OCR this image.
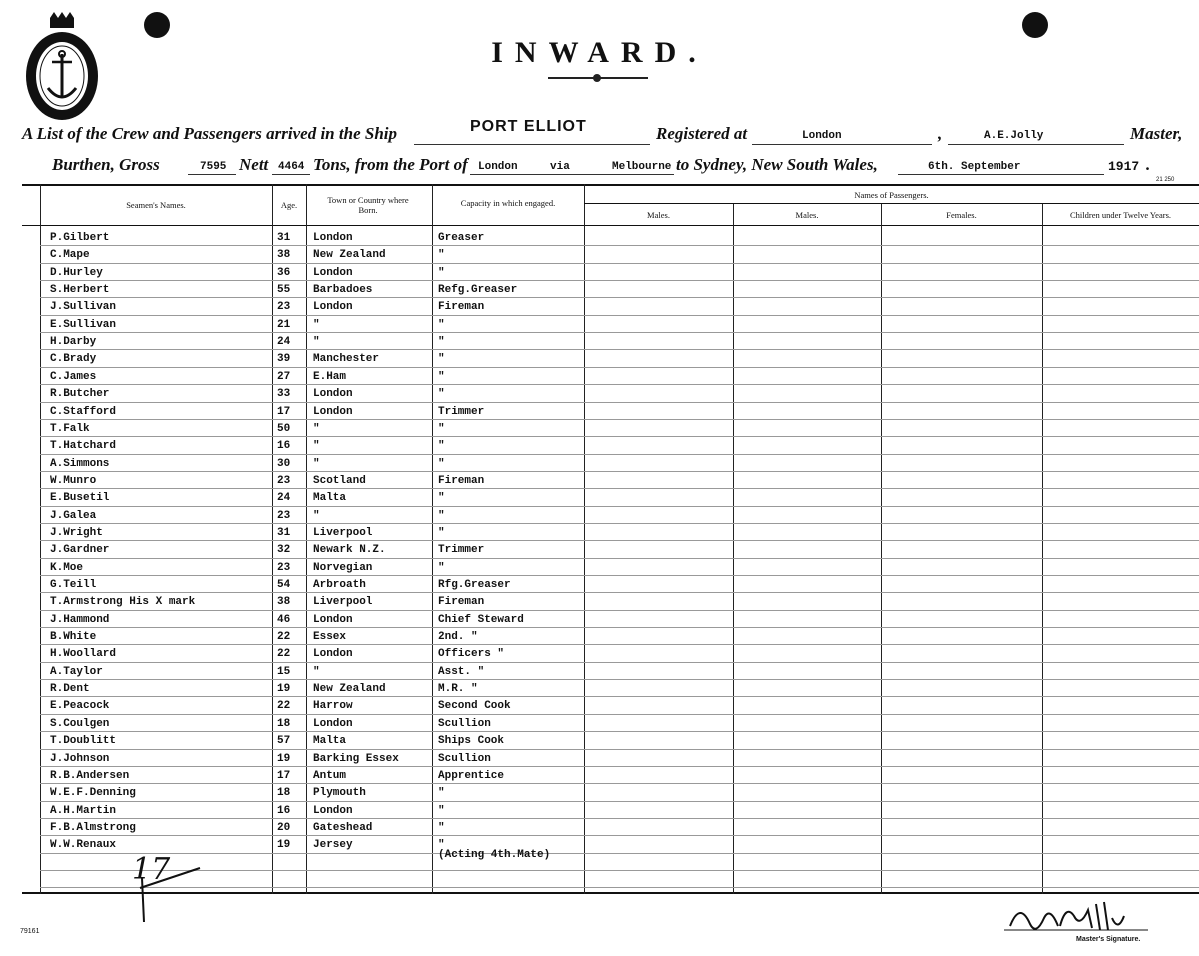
INWARD.
A List of the Crew and Passengers arrived in the Ship	PORT ELLIOT	Registered at	London	,	A.E.Jolly	Master,
Burthen, Gross	7595 Nett 4464 Tons, from the Port of London	via	Melbourne to Sydney, New South Wales,	6th. September	1917 .
21 250
Seamen's Names.	Age.	Town or Country where Born.
Capacity in which engaged.
Names of Passengers.
Males.	Males.	Females.	Children under Twelve Years.
P.Gilbert	31 London	Greaser
C.Mape	38 New Zealand	"
D.Hurley	36 London	"
S.Herbert	55 Barbadoes	Refg.Greaser
J.Sullivan	23 London	Fireman
E.Sullivan	21 "	"
H.Darby	24 "	"
C.Brady	39 Manchester	"
C.James	27 E.Ham	"
R.Butcher	33 London	"
C.Stafford	17 London	Trimmer
T.Falk	50 "	"
T.Hatchard	16 "	"
A.Simmons	30 "	"
W.Munro	23 Scotland	Fireman
E.Busetil	24 Malta	"
J.Galea	23 "	"
J.Wright	31 Liverpool	"
J.Gardner	32 Newark N.Z.	Trimmer
K.Moe	23 Norvegian	"
G.Teill	54 Arbroath	Rfg.Greaser
T.Armstrong His X mark	38 Liverpool	Fireman
J.Hammond	46 London	Chief Steward
B.White	22 Essex	2nd. "
H.Woollard	22 London	Officers "
A.Taylor	15 "	Asst. "
R.Dent	19 New Zealand	M.R. "
E.Peacock	22 Harrow	Second Cook
S.Coulgen	18 London	Scullion
T.Doublitt	57 Malta	Ships Cook
J.Johnson	19 Barking Essex	Scullion
R.B.Andersen	17 Antum	Apprentice
W.E.F.Denning	18 Plymouth	"
A.H.Martin	16 London	"
F.B.Almstrong	20 Gateshead	"
W.W.Renaux	19 Jersey	"
(Acting 4th.Mate)
17
79161
Master's Signature.
